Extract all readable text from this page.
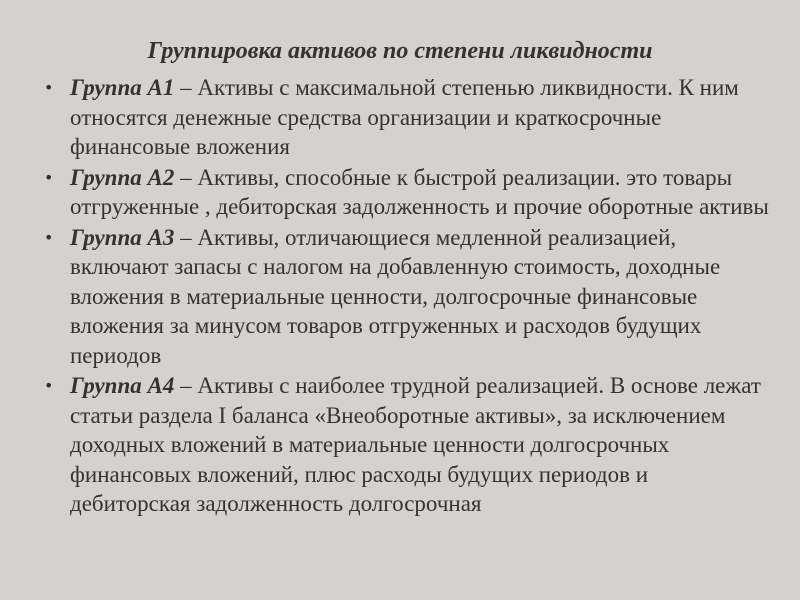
Группировка активов по степени ликвидности
• Группа А1 – Активы с максимальной степенью ликвидности. К ним относятся денежные средства организации и краткосрочные финансовые вложения
• Группа А2 – Активы, способные к быстрой реализации. это товары отгруженные , дебиторская задолженность и прочие оборотные активы
• Группа А3 – Активы, отличающиеся медленной реализацией, включают запасы с налогом на добавленную стоимость, доходные вложения в материальные ценности, долгосрочные финансовые вложения за минусом товаров отгруженных и расходов будущих периодов
• Группа А4 – Активы с наиболее трудной реализацией. В основе лежат статьи раздела I баланса «Внеоборотные активы», за исключением доходных вложений в материальные ценности долгосрочных финансовых вложений, плюс расходы будущих периодов и дебиторская задолженность долгосрочная
